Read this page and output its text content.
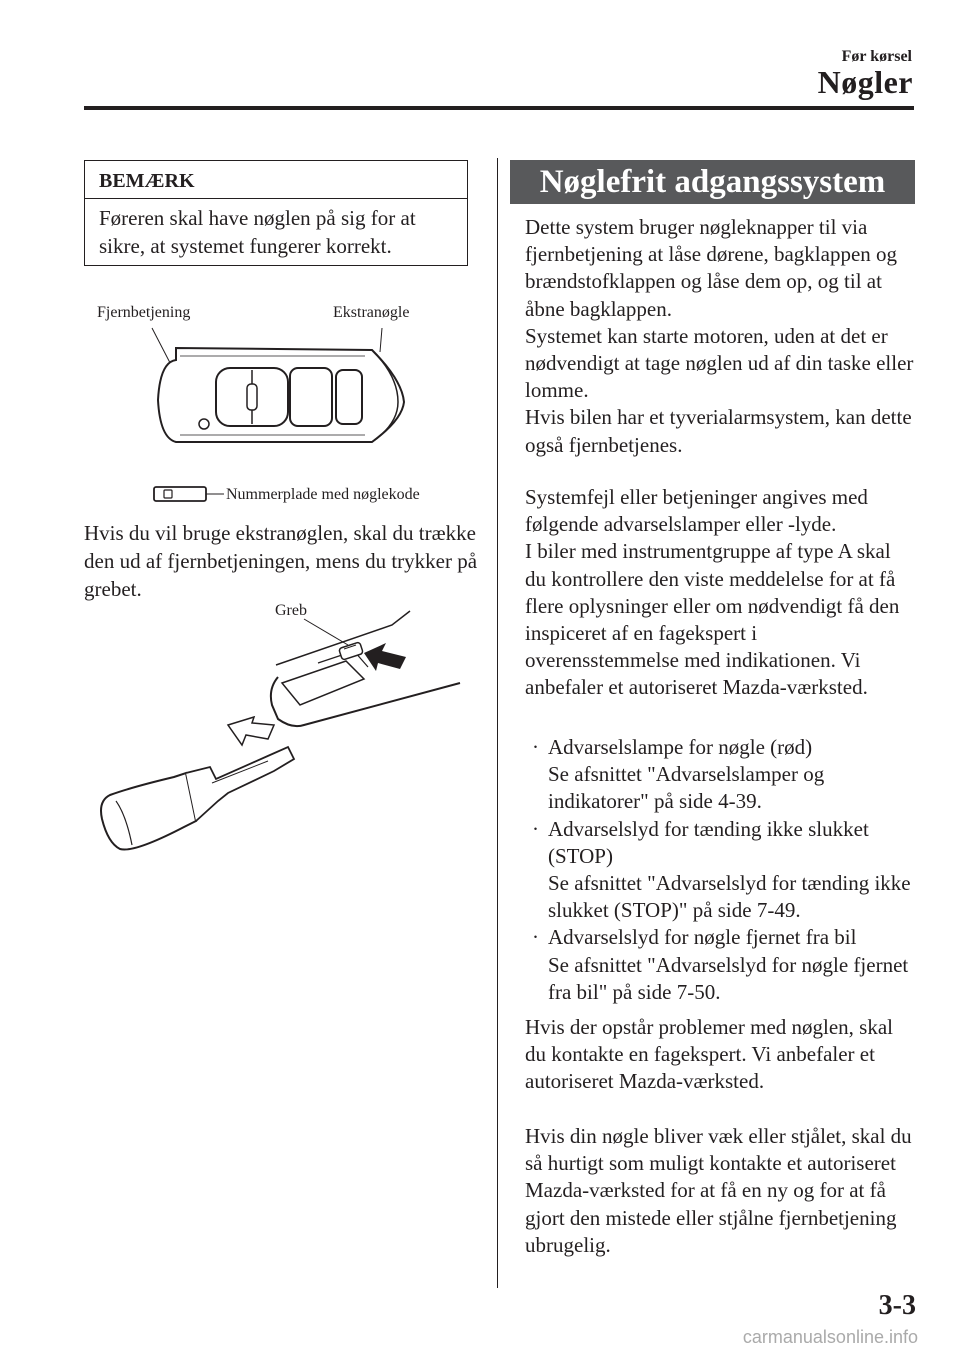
Før kørsel
Nøgler
BEMÆRK
Føreren skal have nøglen på sig for at sikre, at systemet fungerer korrekt.
Fjernbetjening	Ekstranøgle
Nummerplade med nøglekode
Hvis du vil bruge ekstranøglen, skal du trække den ud af fjernbetjeningen, mens du trykker på grebet.
Greb
Nøglefrit adgangssystem
Dette system bruger nøgleknapper til via fjernbetjening at låse dørene, bagklappen og brændstofklappen og låse dem op, og til at åbne bagklappen.
Systemet kan starte motoren, uden at det er nødvendigt at tage nøglen ud af din taske eller lomme.
Hvis bilen har et tyverialarmsystem, kan dette også fjernbetjenes.
Systemfejl eller betjeninger angives med følgende advarselslamper eller -lyde.
I biler med instrumentgruppe af type A skal du kontrollere den viste meddelelse for at få flere oplysninger eller om nødvendigt få den inspiceret af en fagekspert i overensstemmelse med indikationen. Vi anbefaler et autoriseret Mazda-værksted.
· Advarselslampe for nøgle (rød)
Se afsnittet "Advarselslamper og indikatorer" på side 4-39.
· Advarselslyd for tænding ikke slukket (STOP)
Se afsnittet "Advarselslyd for tænding ikke slukket (STOP)" på side 7-49.
· Advarselslyd for nøgle fjernet fra bil
Se afsnittet "Advarselslyd for nøgle fjernet fra bil" på side 7-50.
Hvis der opstår problemer med nøglen, skal du kontakte en fagekspert. Vi anbefaler et autoriseret Mazda-værksted.
Hvis din nøgle bliver væk eller stjålet, skal du så hurtigt som muligt kontakte et autoriseret Mazda-værksted for at få en ny og for at få gjort den mistede eller stjålne fjernbetjening ubrugelig.
3-3
carmanualsonline.info
